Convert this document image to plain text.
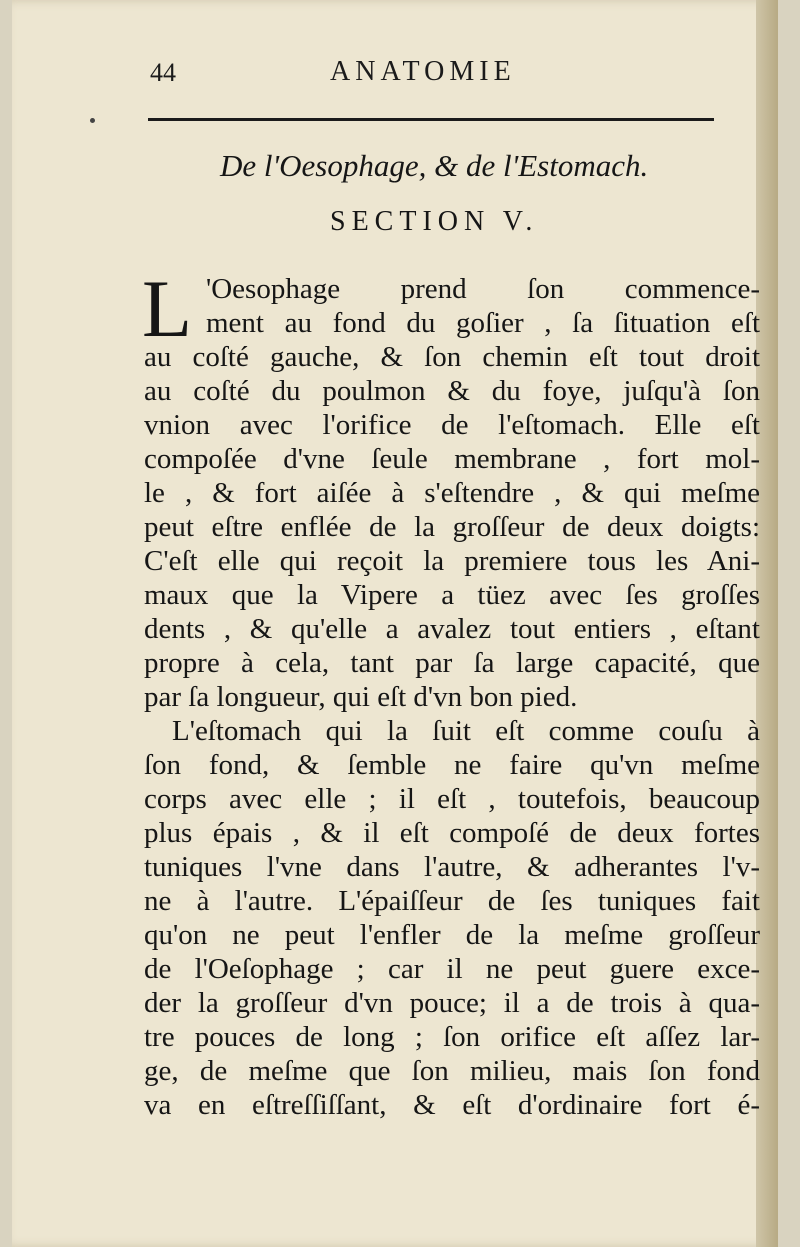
44	ANATOMIE
De l'Oesophage, & de l'Estomach.
SECTION V.
L 'Oesophage prend ſon commence-
ment au fond du goſier , ſa ſituation eſt
au coſté gauche, & ſon chemin eſt tout droit
au coſté du poulmon & du foye, juſqu'à ſon
vnion avec l'orifice de l'eſtomach. Elle eſt
compoſée d'vne ſeule membrane , fort mol-
le , & fort aiſée à s'eſtendre , & qui meſme
peut eſtre enflée de la groſſeur de deux doigts:
C'eſt elle qui reçoit la premiere tous les Ani-
maux que la Vipere a tüez avec ſes groſſes
dents , & qu'elle a avalez tout entiers , eſtant
propre à cela, tant par ſa large capacité, que
par ſa longueur, qui eſt d'vn bon pied.
L'eſtomach qui la ſuit eſt comme couſu à
ſon fond, & ſemble ne faire qu'vn meſme
corps avec elle ; il eſt , toutefois, beaucoup
plus épais , & il eſt compoſé de deux fortes
tuniques l'vne dans l'autre, & adherantes l'v-
ne à l'autre. L'épaiſſeur de ſes tuniques fait
qu'on ne peut l'enfler de la meſme groſſeur
de l'Oeſophage ; car il ne peut guere exce-
der la groſſeur d'vn pouce; il a de trois à qua-
tre pouces de long ; ſon orifice eſt aſſez lar-
ge, de meſme que ſon milieu, mais ſon fond
va en eſtreſſiſſant, & eſt d'ordinaire fort é-
